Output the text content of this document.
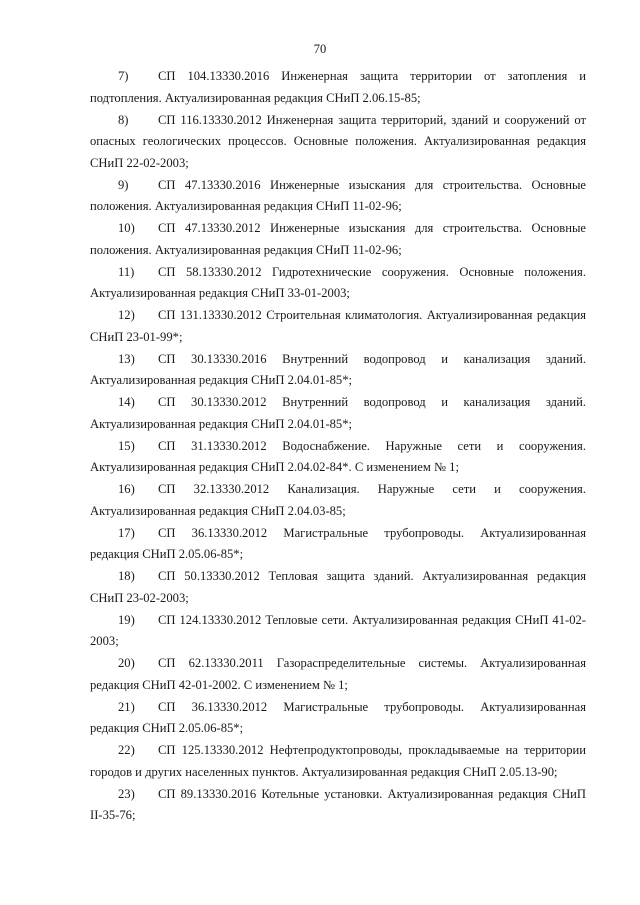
70

7) СП 104.13330.2016 Инженерная защита территории от затопления и подтопления. Актуализированная редакция СНиП 2.06.15-85;

8) СП 116.13330.2012 Инженерная защита территорий, зданий и сооружений от опасных геологических процессов. Основные положения. Актуализированная редакция СНиП 22-02-2003;

9) СП 47.13330.2016 Инженерные изыскания для строительства. Основные положения. Актуализированная редакция СНиП 11-02-96;

10) СП 47.13330.2012 Инженерные изыскания для строительства. Основные положения. Актуализированная редакция СНиП 11-02-96;

11) СП 58.13330.2012 Гидротехнические сооружения. Основные положения. Актуализированная редакция СНиП 33-01-2003;

12) СП 131.13330.2012 Строительная климатология. Актуализированная редакция СНиП 23-01-99*;

13) СП 30.13330.2016 Внутренний водопровод и канализация зданий. Актуализированная редакция СНиП 2.04.01-85*;

14) СП 30.13330.2012 Внутренний водопровод и канализация зданий. Актуализированная редакция СНиП 2.04.01-85*;

15) СП 31.13330.2012 Водоснабжение. Наружные сети и сооружения. Актуализированная редакция СНиП 2.04.02-84*. С изменением № 1;

16) СП 32.13330.2012 Канализация. Наружные сети и сооружения. Актуализированная редакция СНиП 2.04.03-85;

17) СП 36.13330.2012 Магистральные трубопроводы. Актуализированная редакция СНиП 2.05.06-85*;

18) СП 50.13330.2012 Тепловая защита зданий. Актуализированная редакция СНиП 23-02-2003;

19) СП 124.13330.2012 Тепловые сети. Актуализированная редакция СНиП 41-02-2003;

20) СП 62.13330.2011 Газораспределительные системы. Актуализированная редакция СНиП 42-01-2002. С изменением № 1;

21) СП 36.13330.2012 Магистральные трубопроводы. Актуализированная редакция СНиП 2.05.06-85*;

22) СП 125.13330.2012 Нефтепродуктопроводы, прокладываемые на территории городов и других населенных пунктов. Актуализированная редакция СНиП 2.05.13-90;

23) СП 89.13330.2016 Котельные установки. Актуализированная редакция СНиП II-35-76;
